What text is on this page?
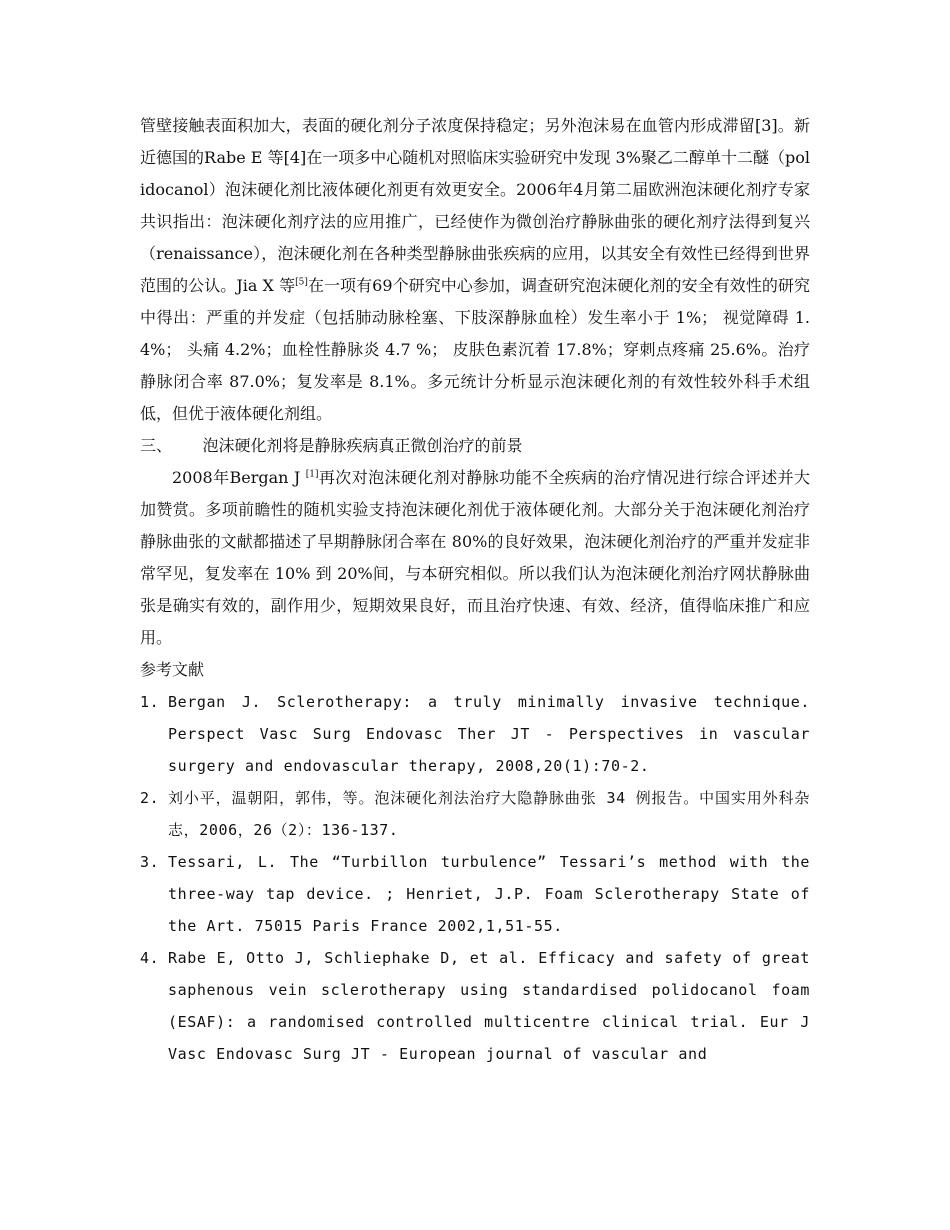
管壁接触表面积加大，表面的硬化剂分子浓度保持稳定；另外泡沫易在血管内形成滞留[3]。新近德国的Rabe E 等[4]在一项多中心随机对照临床实验研究中发现 3%聚乙二醇单十二醚（polidocanol）泡沫硬化剂比液体硬化剂更有效更安全。2006年4月第二届欧洲泡沫硬化剂疗专家共识指出：泡沫硬化剂疗法的应用推广，已经使作为微创治疗静脉曲张的硬化剂疗法得到复兴（renaissance），泡沫硬化剂在各种类型静脉曲张疾病的应用，以其安全有效性已经得到世界范围的公认。Jia X 等[5]在一项有69个研究中心参加，调查研究泡沫硬化剂的安全有效性的研究中得出：严重的并发症（包括肺动脉栓塞、下肢深静脉血栓）发生率小于 1%； 视觉障碍 1.4%； 头痛 4.2%；血栓性静脉炎 4.7 %； 皮肤色素沉着 17.8%；穿刺点疼痛 25.6%。治疗静脉闭合率 87.0%；复发率是 8.1%。多元统计分析显示泡沫硬化剂的有效性较外科手术组低，但优于液体硬化剂组。

三、      泡沫硬化剂将是静脉疾病真正微创治疗的前景

2008年Bergan J [1]再次对泡沫硬化剂对静脉功能不全疾病的治疗情况进行综合评述并大加赞赏。多项前瞻性的随机实验支持泡沫硬化剂优于液体硬化剂。大部分关于泡沫硬化剂治疗静脉曲张的文献都描述了早期静脉闭合率在 80%的良好效果，泡沫硬化剂治疗的严重并发症非常罕见，复发率在 10% 到 20%间，与本研究相似。所以我们认为泡沫硬化剂治疗网状静脉曲张是确实有效的，副作用少，短期效果良好，而且治疗快速、有效、经济，值得临床推广和应用。

参考文献

1. Bergan J. Sclerotherapy: a truly minimally invasive technique. Perspect Vasc Surg Endovasc Ther JT - Perspectives in vascular surgery and endovascular therapy, 2008,20(1):70-2.
2. 刘小平，温朝阳，郭伟，等。泡沫硬化剂法治疗大隐静脉曲张 34 例报告。中国实用外科杂志，2006，26（2）：136-137.
3. Tessari, L. The “Turbillon turbulence” Tessari’s method with the three-way tap device. ; Henriet, J.P. Foam Sclerotherapy State of the Art. 75015 Paris France 2002,1,51-55.
4. Rabe E, Otto J, Schliephake D, et al. Efficacy and safety of great saphenous vein sclerotherapy using standardised polidocanol foam (ESAF): a randomised controlled multicentre clinical trial. Eur J Vasc Endovasc Surg JT - European journal of vascular and
